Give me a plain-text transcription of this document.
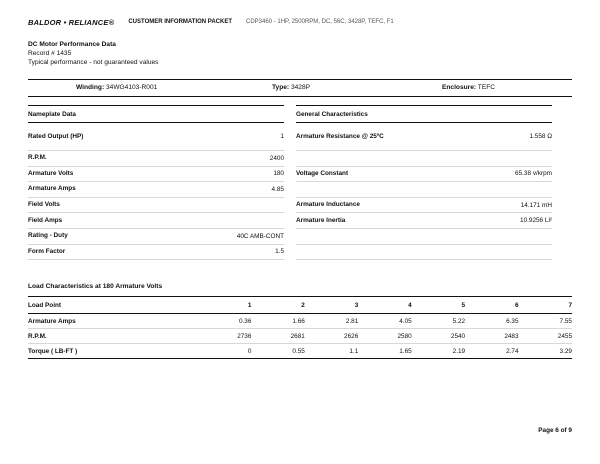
BALDOR • RELIANCE® CUSTOMER INFORMATION PACKET CDP3460 - 1HP, 2500RPM, DC, 56C, 3428P, TEFC, F1
DC Motor Performance Data
Record # 1435
Typical performance - not guaranteed values
Winding: 34WG4103-R001	Type: 3428P	Enclosure: TEFC
Nameplate Data
Rated Output (HP)	1
R.P.M.	2400
Armature Volts	180
Armature Amps	4.85
Field Volts
Field Amps
Rating - Duty	40C AMB-CONT
Form Factor	1.5
General Characteristics
Armature Resistance @ 25ºC	1.558 Ω
Voltage Constant	65.38 v/krpm
Armature Inductance	14.171 mH
Armature Inertia	10.9256 Ll²
Load Characteristics at 180 Armature Volts
Load Point	1	2	3	4	5	6	7
Armature Amps	0.36	1.66	2.81	4.05	5.22	6.35	7.55
R.P.M.	2736	2681	2626	2580	2540	2483	2455
Torque ( LB-FT )	0	0.55	1.1	1.65	2.19	2.74	3.29
Page 6 of 9
